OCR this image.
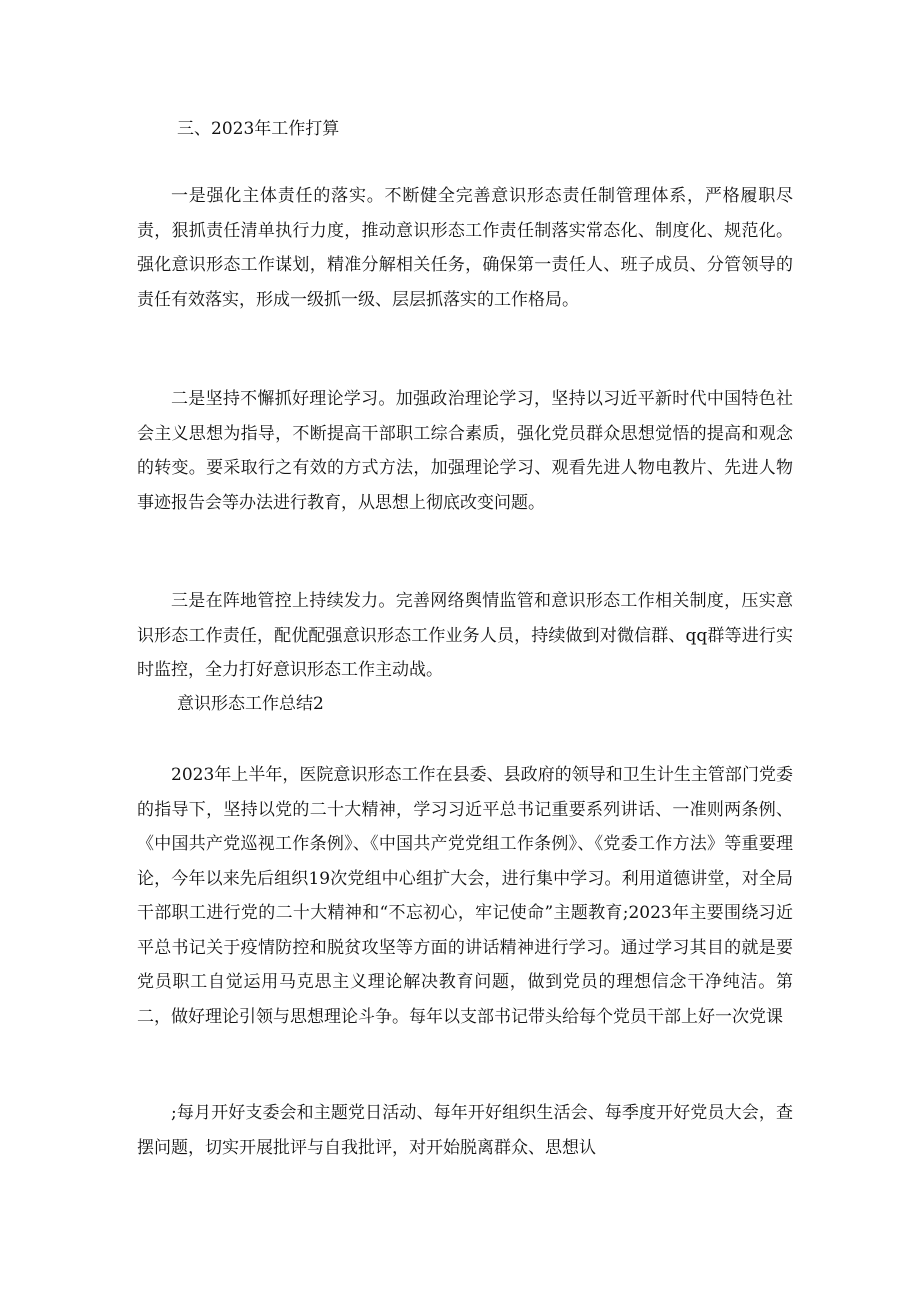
三、2023年工作打算

一是强化主体责任的落实。不断健全完善意识形态责任制管理体系，严格履职尽责，狠抓责任清单执行力度，推动意识形态工作责任制落实常态化、制度化、规范化。强化意识形态工作谋划，精准分解相关任务，确保第一责任人、班子成员、分管领导的责任有效落实，形成一级抓一级、层层抓落实的工作格局。

二是坚持不懈抓好理论学习。加强政治理论学习，坚持以习近平新时代中国特色社会主义思想为指导，不断提高干部职工综合素质，强化党员群众思想觉悟的提高和观念的转变。要采取行之有效的方式方法，加强理论学习、观看先进人物电教片、先进人物事迹报告会等办法进行教育，从思想上彻底改变问题。

三是在阵地管控上持续发力。完善网络舆情监管和意识形态工作相关制度，压实意识形态工作责任，配优配强意识形态工作业务人员，持续做到对微信群、qq群等进行实时监控，全力打好意识形态工作主动战。

意识形态工作总结2

2023年上半年，医院意识形态工作在县委、县政府的领导和卫生计生主管部门党委的指导下，坚持以党的二十大精神，学习习近平总书记重要系列讲话、一准则两条例、《中国共产党巡视工作条例》、《中国共产党党组工作条例》、《党委工作方法》等重要理论，今年以来先后组织19次党组中心组扩大会，进行集中学习。利用道德讲堂，对全局干部职工进行党的二十大精神和“不忘初心，牢记使命”主题教育;2023年主要围绕习近平总书记关于疫情防控和脱贫攻坚等方面的讲话精神进行学习。通过学习其目的就是要党员职工自觉运用马克思主义理论解决教育问题，做到党员的理想信念干净纯洁。第二，做好理论引领与思想理论斗争。每年以支部书记带头给每个党员干部上好一次党课

;每月开好支委会和主题党日活动、每年开好组织生活会、每季度开好党员大会，查摆问题，切实开展批评与自我批评，对开始脱离群众、思想认
